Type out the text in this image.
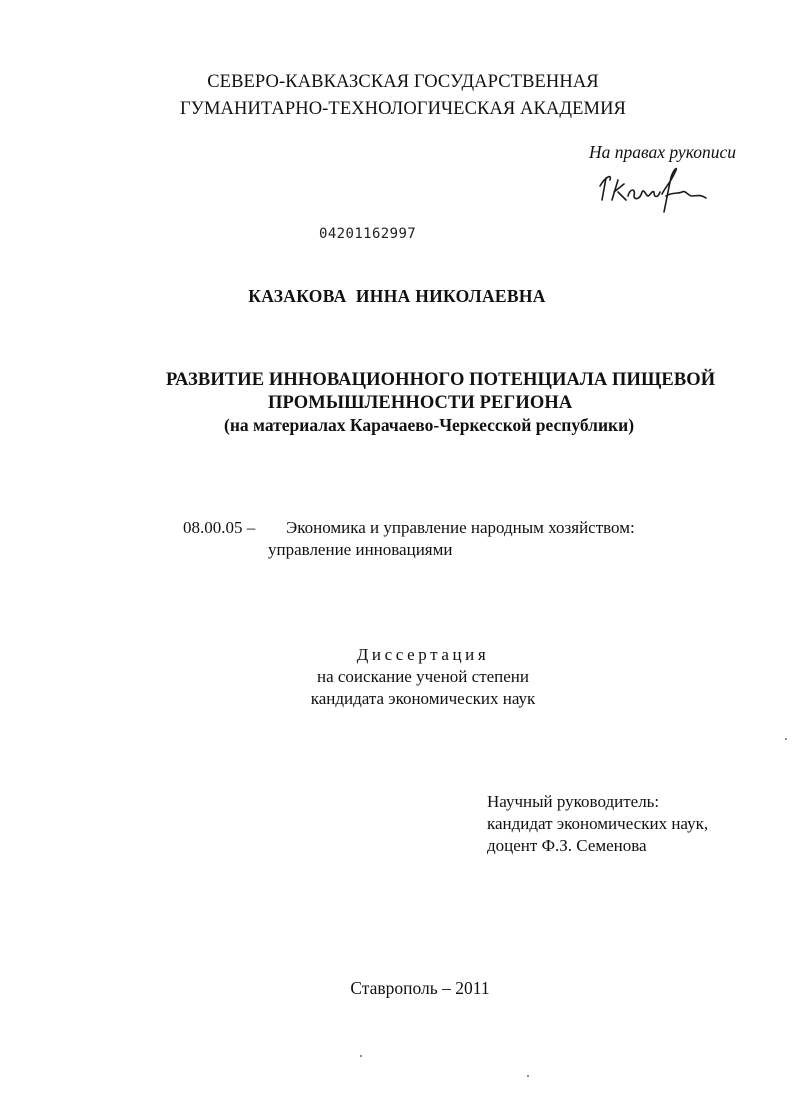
СЕВЕРО-КАВКАЗСКАЯ ГОСУДАРСТВЕННАЯ
ГУМАНИТАРНО-ТЕХНОЛОГИЧЕСКАЯ АКАДЕМИЯ
На правах рукописи
04201162997
КАЗАКОВА  ИННА НИКОЛАЕВНА
РАЗВИТИЕ ИННОВАЦИОННОГО ПОТЕНЦИАЛА ПИЩЕВОЙ
ПРОМЫШЛЕННОСТИ РЕГИОНА
(на материалах Карачаево-Черкесской республики)
08.00.05 – Экономика и управление народным хозяйством:
управление инновациями
Диссертация
на соискание ученой степени
кандидата экономических наук
Научный руководитель:
кандидат экономических наук,
доцент Ф.З. Семенова
Ставрополь – 2011
